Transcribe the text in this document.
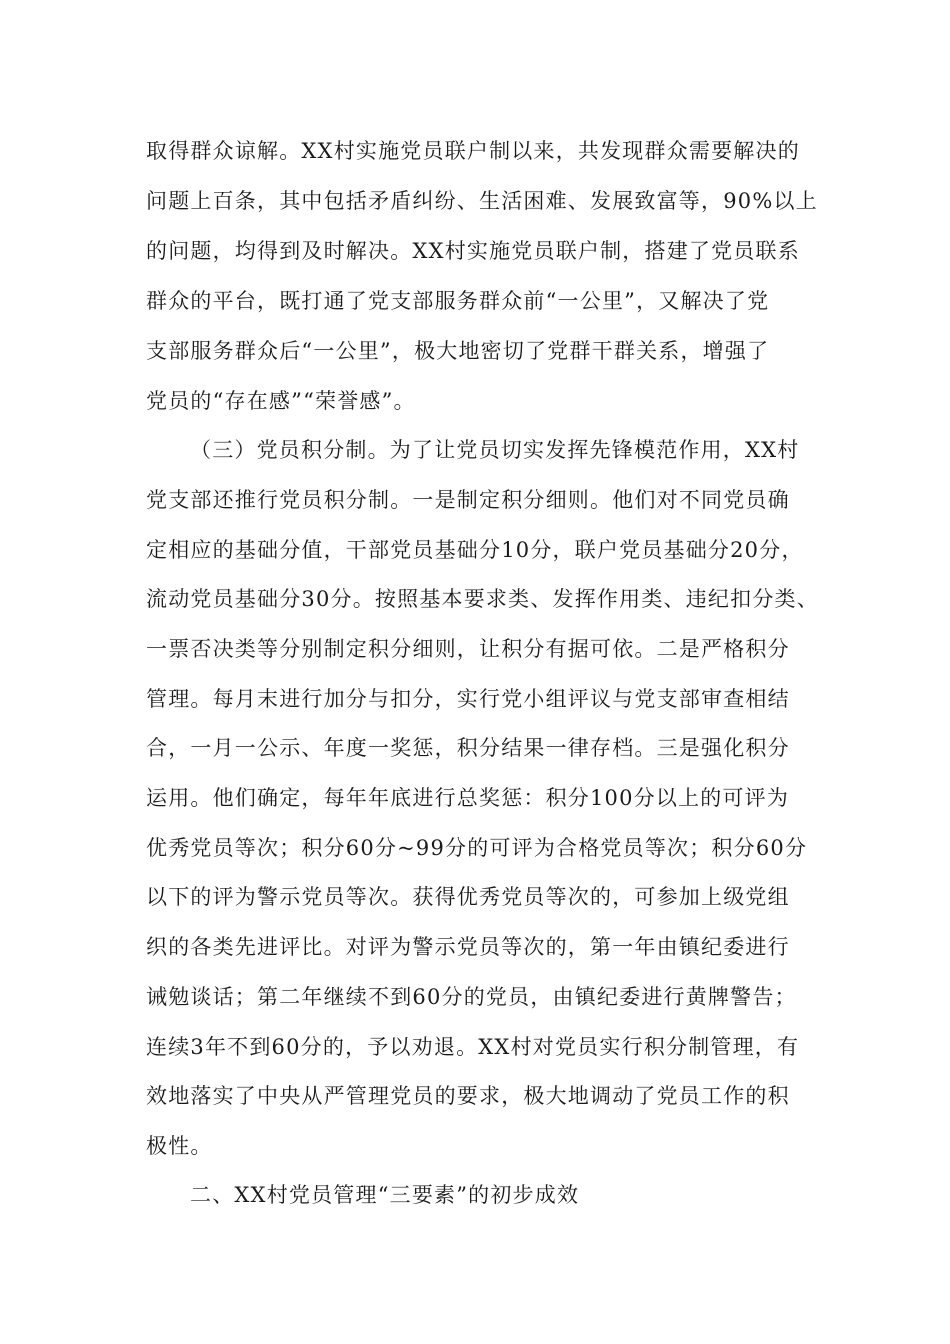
取得群众谅解。XX村实施党员联户制以来，共发现群众需要解决的
问题上百条，其中包括矛盾纠纷、生活困难、发展致富等，90%以上
的问题，均得到及时解决。XX村实施党员联户制，搭建了党员联系
群众的平台，既打通了党支部服务群众前“一公里”，又解决了党
支部服务群众后“一公里”，极大地密切了党群干群关系，增强了
党员的“存在感”“荣誉感”。
（三）党员积分制。为了让党员切实发挥先锋模范作用，XX村
党支部还推行党员积分制。一是制定积分细则。他们对不同党员确
定相应的基础分值，干部党员基础分10分，联户党员基础分20分，
流动党员基础分30分。按照基本要求类、发挥作用类、违纪扣分类、
一票否决类等分别制定积分细则，让积分有据可依。二是严格积分
管理。每月末进行加分与扣分，实行党小组评议与党支部审查相结
合，一月一公示、年度一奖惩，积分结果一律存档。三是强化积分
运用。他们确定，每年年底进行总奖惩：积分100分以上的可评为
优秀党员等次；积分60分~99分的可评为合格党员等次；积分60分
以下的评为警示党员等次。获得优秀党员等次的，可参加上级党组
织的各类先进评比。对评为警示党员等次的，第一年由镇纪委进行
诫勉谈话；第二年继续不到60分的党员，由镇纪委进行黄牌警告；
连续3年不到60分的，予以劝退。XX村对党员实行积分制管理，有
效地落实了中央从严管理党员的要求，极大地调动了党员工作的积
极性。
二、XX村党员管理“三要素”的初步成效
